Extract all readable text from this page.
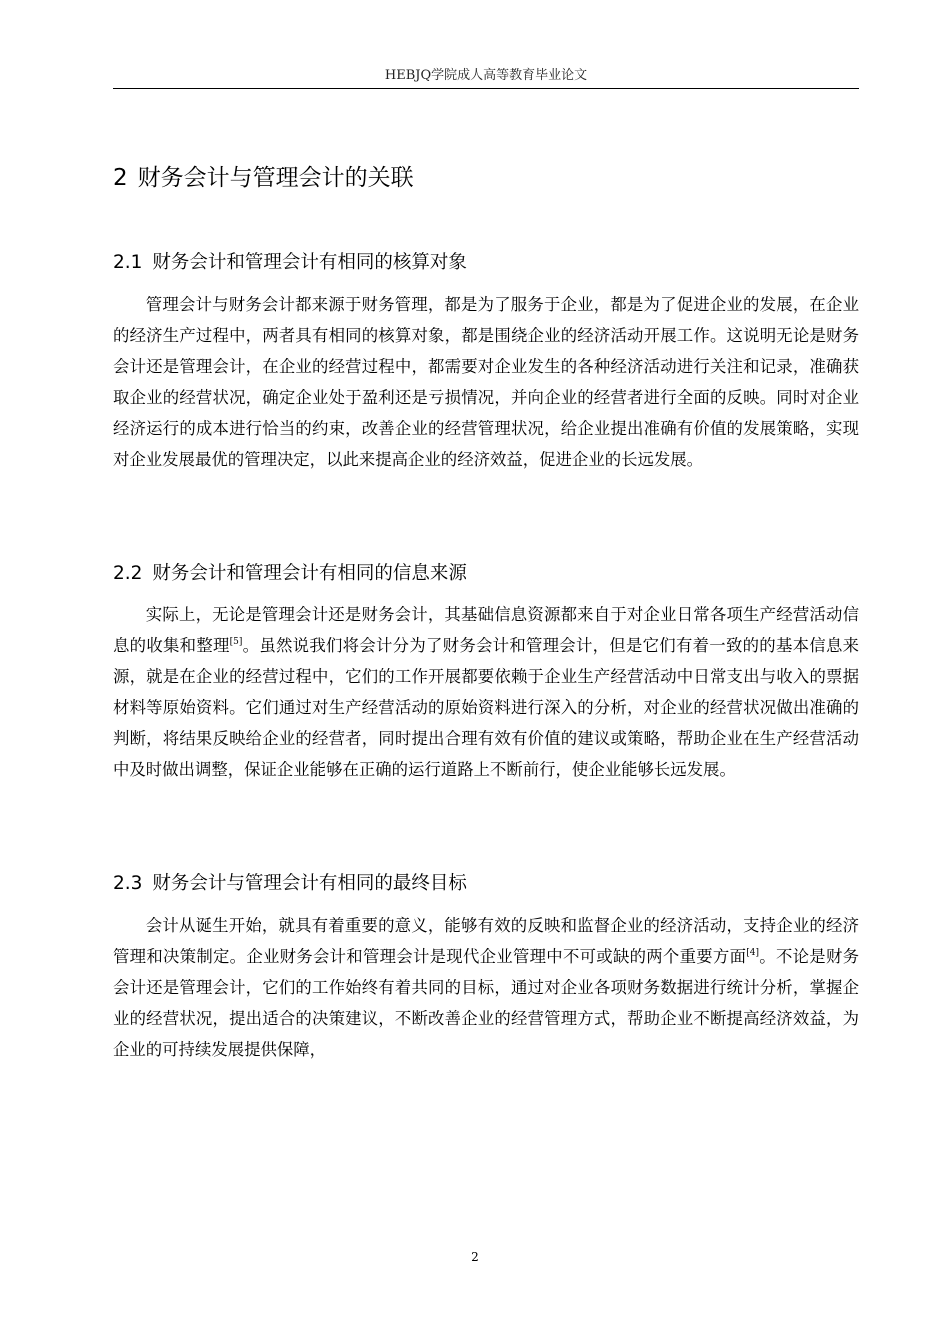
HEBJQ学院成人高等教育毕业论文
2 财务会计与管理会计的关联
2.1 财务会计和管理会计有相同的核算对象

管理会计与财务会计都来源于财务管理，都是为了服务于企业，都是为了促进企业的发展，在企业的经济生产过程中，两者具有相同的核算对象，都是围绕企业的经济活动开展工作。这说明无论是财务会计还是管理会计，在企业的经营过程中，都需要对企业发生的各种经济活动进行关注和记录，准确获取企业的经营状况，确定企业处于盈利还是亏损情况，并向企业的经营者进行全面的反映。同时对企业经济运行的成本进行恰当的约束，改善企业的经营管理状况，给企业提出准确有价值的发展策略，实现对企业发展最优的管理决定，以此来提高企业的经济效益，促进企业的长远发展。

2.2 财务会计和管理会计有相同的信息来源

实际上，无论是管理会计还是财务会计，其基础信息资源都来自于对企业日常各项生产经营活动信息的收集和整理[5]。虽然说我们将会计分为了财务会计和管理会计，但是它们有着一致的的基本信息来源，就是在企业的经营过程中，它们的工作开展都要依赖于企业生产经营活动中日常支出与收入的票据材料等原始资料。它们通过对生产经营活动的原始资料进行深入的分析，对企业的经营状况做出准确的判断，将结果反映给企业的经营者，同时提出合理有效有价值的建议或策略，帮助企业在生产经营活动中及时做出调整，保证企业能够在正确的运行道路上不断前行，使企业能够长远发展。

2.3 财务会计与管理会计有相同的最终目标

会计从诞生开始，就具有着重要的意义，能够有效的反映和监督企业的经济活动，支持企业的经济管理和决策制定。企业财务会计和管理会计是现代企业管理中不可或缺的两个重要方面[4]。不论是财务会计还是管理会计，它们的工作始终有着共同的目标，通过对企业各项财务数据进行统计分析，掌握企业的经营状况，提出适合的决策建议，不断改善企业的经营管理方式，帮助企业不断提高经济效益，为企业的可持续发展提供保障，

2
